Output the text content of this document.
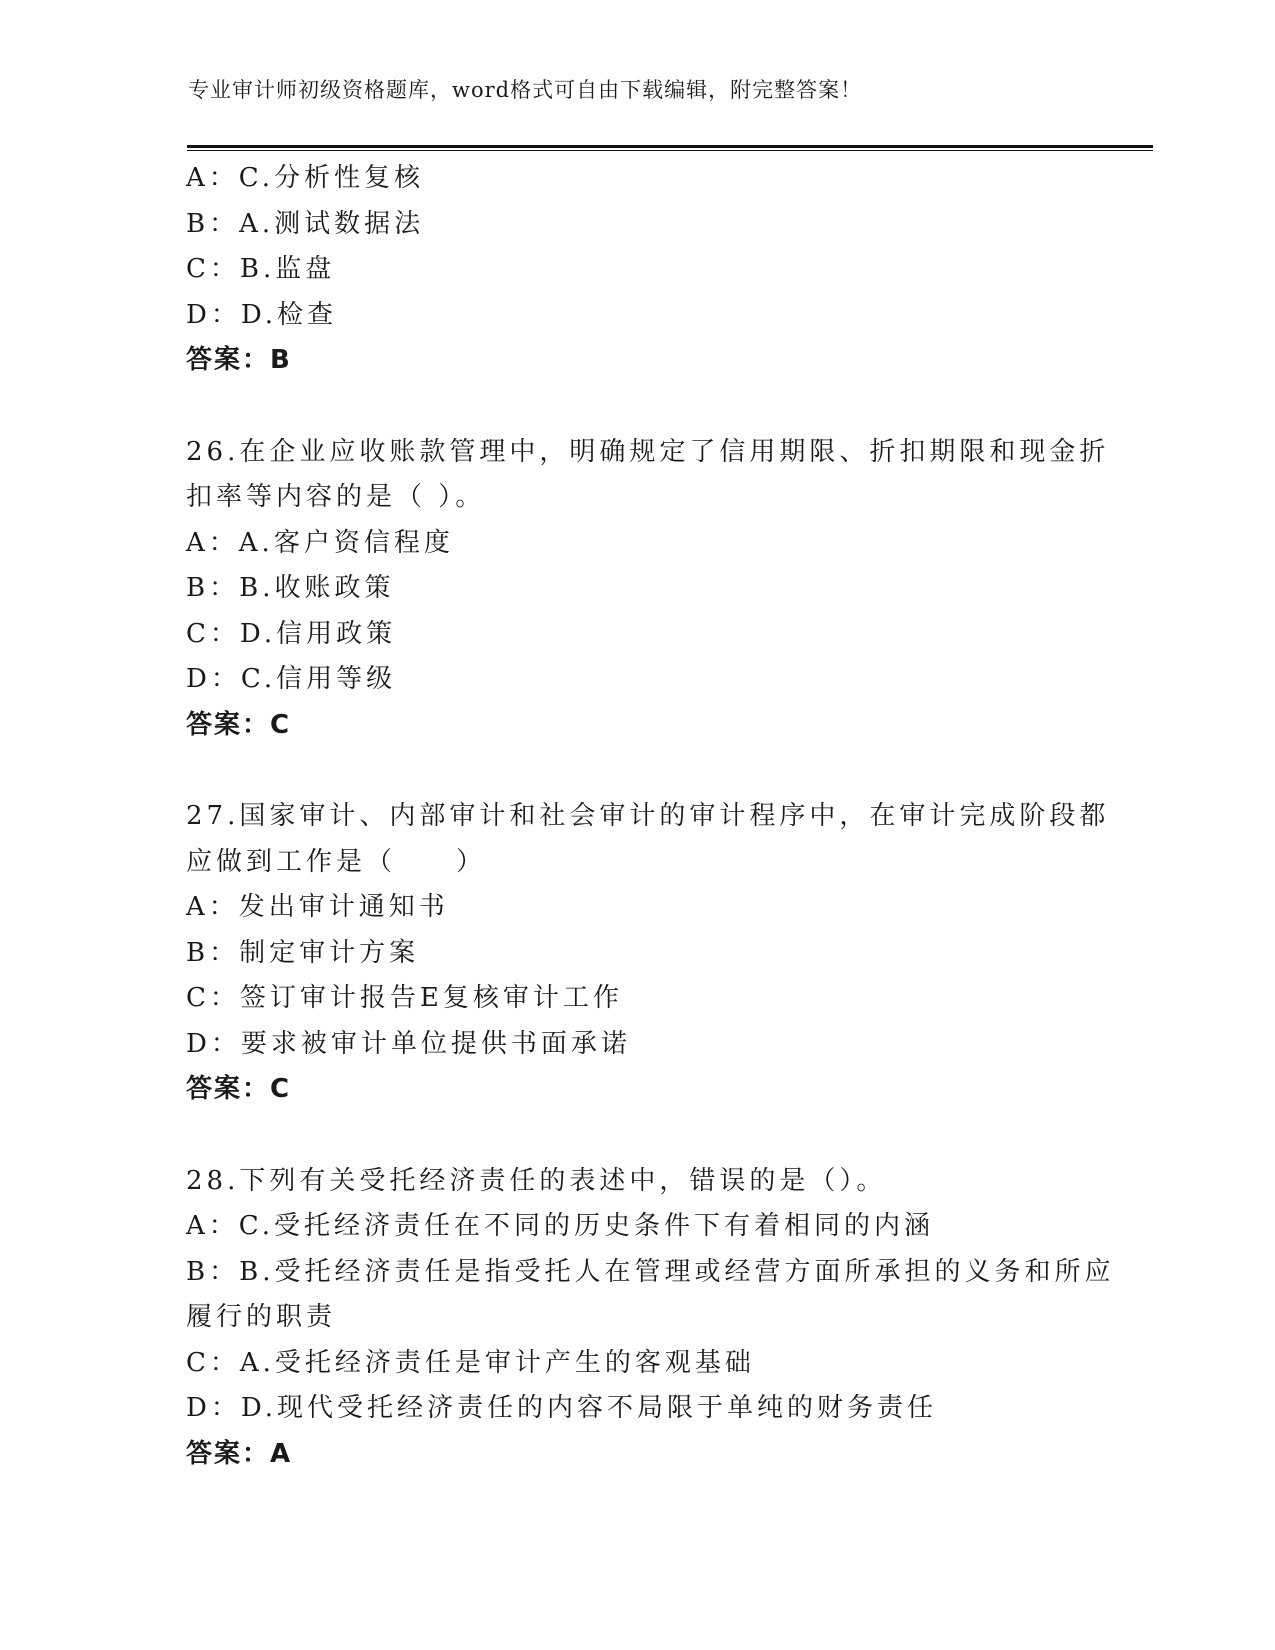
专业审计师初级资格题库，word格式可自由下载编辑，附完整答案！
A：C.分析性复核
B：A.测试数据法
C：B.监盘
D：D.检查
答案：B
26.在企业应收账款管理中，明确规定了信用期限、折扣期限和现金折
扣率等内容的是（ ）。
A：A.客户资信程度
B：B.收账政策
C：D.信用政策
D：C.信用等级
答案：C
27.国家审计、内部审计和社会审计的审计程序中，在审计完成阶段都
应做到工作是（　　）
A：发出审计通知书
B：制定审计方案
C：签订审计报告E复核审计工作
D：要求被审计单位提供书面承诺
答案：C
28.下列有关受托经济责任的表述中，错误的是（）。
A：C.受托经济责任在不同的历史条件下有着相同的内涵
B：B.受托经济责任是指受托人在管理或经营方面所承担的义务和所应
履行的职责
C：A.受托经济责任是审计产生的客观基础
D：D.现代受托经济责任的内容不局限于单纯的财务责任
答案：A
